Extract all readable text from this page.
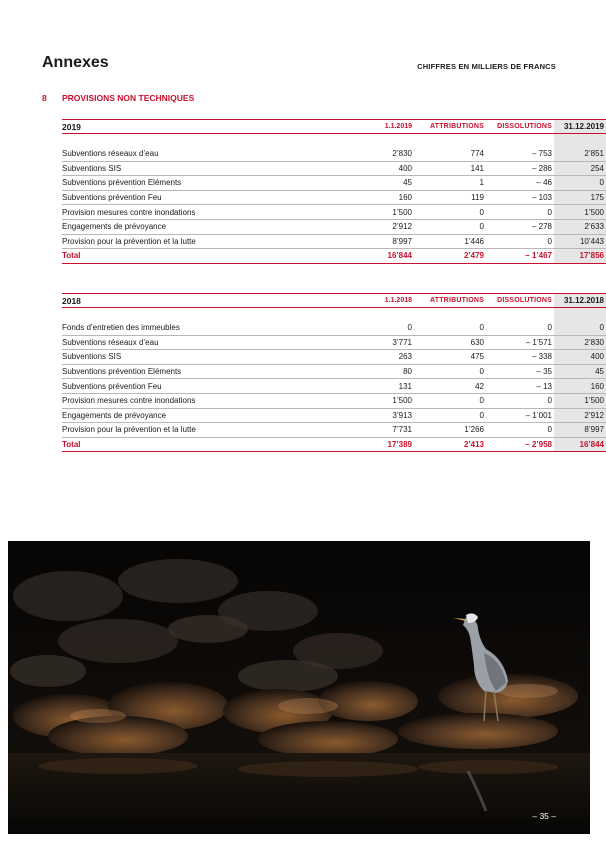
Annexes	CHIFFRES EN MILLIERS DE FRANCS
8 PROVISIONS NON TECHNIQUES
2019	1.1.2019	ATTRIBUTIONS	DISSOLUTIONS	31.12.2019

Subventions réseaux d’eau	2’830	774	– 753	2’851
Subventions SIS	400	141	– 286	254
Subventions prévention Eléments	45	1	– 46	0
Subventions prévention Feu	160	119	– 103	175
Provision mesures contre inondations	1’500	0	0	1’500
Engagements de prévoyance	2’912	0	– 278	2’633
Provision pour la prévention et la lutte	8’997	1’446	0	10’443
Total	16’844	2’479	– 1’467	17’856
2018	1.1.2018	ATTRIBUTIONS	DISSOLUTIONS	31.12.2018

Fonds d’entretien des immeubles	0	0	0	0
Subventions réseaux d’eau	3’771	630	– 1’571	2’830
Subventions SIS	263	475	– 338	400
Subventions prévention Eléments	80	0	– 35	45
Subventions prévention Feu	131	42	– 13	160
Provision mesures contre inondations	1’500	0	0	1’500
Engagements de prévoyance	3’913	0	– 1’001	2’912
Provision pour la prévention et la lutte	7’731	1’266	0	8’997
Total	17’389	2’413	– 2’958	16’844
– 35 –
